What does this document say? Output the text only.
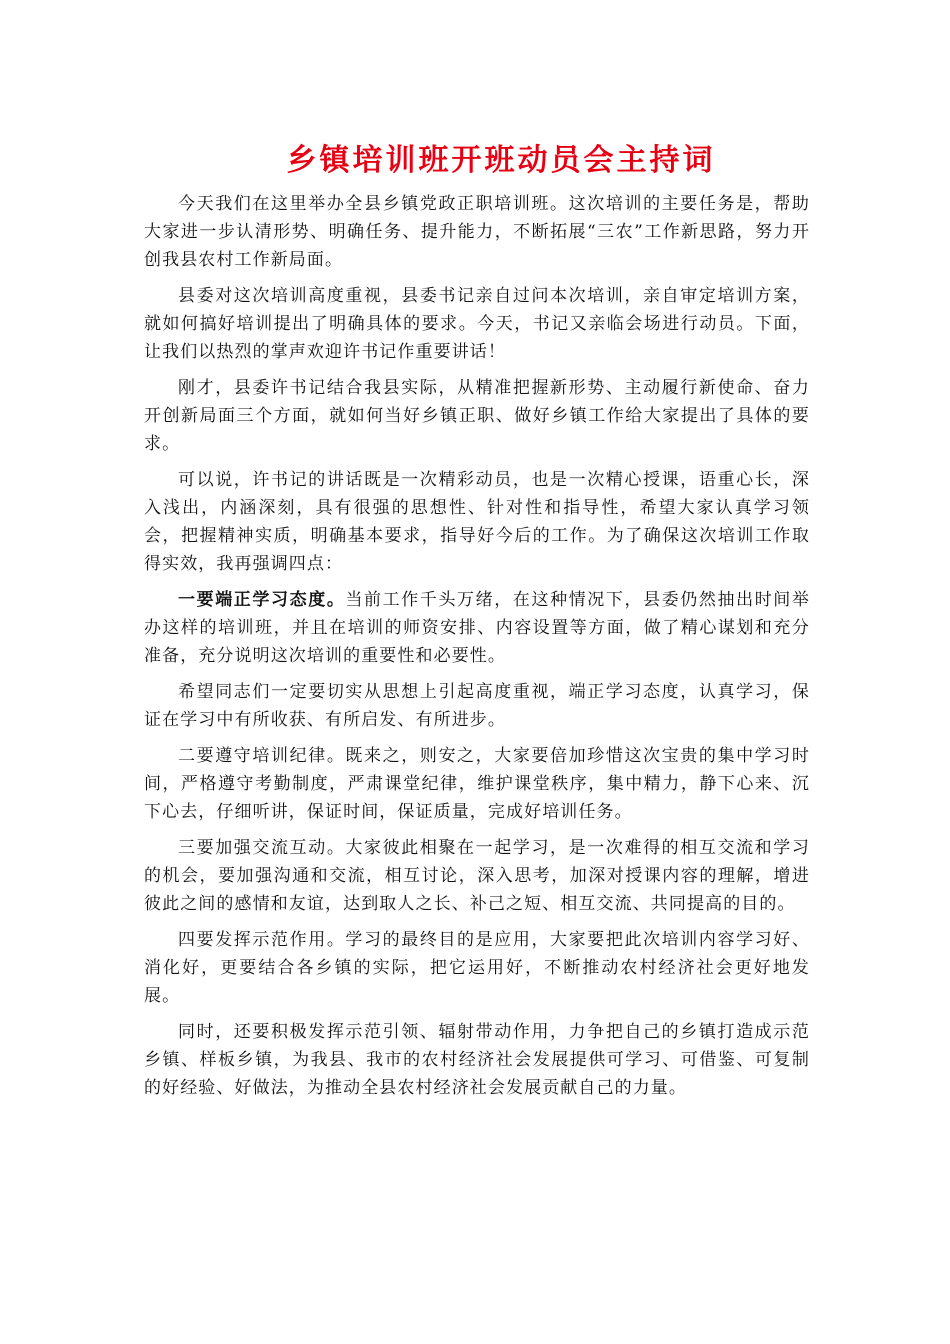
乡镇培训班开班动员会主持词

今天我们在这里举办全县乡镇党政正职培训班。这次培训的主要任务是，帮助大家进一步认清形势、明确任务、提升能力，不断拓展“三农”工作新思路，努力开创我县农村工作新局面。

县委对这次培训高度重视，县委书记亲自过问本次培训，亲自审定培训方案，就如何搞好培训提出了明确具体的要求。今天，书记又亲临会场进行动员。下面，让我们以热烈的掌声欢迎许书记作重要讲话！

刚才，县委许书记结合我县实际，从精准把握新形势、主动履行新使命、奋力开创新局面三个方面，就如何当好乡镇正职、做好乡镇工作给大家提出了具体的要求。

可以说，许书记的讲话既是一次精彩动员，也是一次精心授课，语重心长，深入浅出，内涵深刻，具有很强的思想性、针对性和指导性，希望大家认真学习领会，把握精神实质，明确基本要求，指导好今后的工作。为了确保这次培训工作取得实效，我再强调四点：

一要端正学习态度。当前工作千头万绪，在这种情况下，县委仍然抽出时间举办这样的培训班，并且在培训的师资安排、内容设置等方面，做了精心谋划和充分准备，充分说明这次培训的重要性和必要性。

希望同志们一定要切实从思想上引起高度重视，端正学习态度，认真学习，保证在学习中有所收获、有所启发、有所进步。

二要遵守培训纪律。既来之，则安之，大家要倍加珍惜这次宝贵的集中学习时间，严格遵守考勤制度，严肃课堂纪律，维护课堂秩序，集中精力，静下心来、沉下心去，仔细听讲，保证时间，保证质量，完成好培训任务。

三要加强交流互动。大家彼此相聚在一起学习，是一次难得的相互交流和学习的机会，要加强沟通和交流，相互讨论，深入思考，加深对授课内容的理解，增进彼此之间的感情和友谊，达到取人之长、补己之短、相互交流、共同提高的目的。

四要发挥示范作用。学习的最终目的是应用，大家要把此次培训内容学习好、消化好，更要结合各乡镇的实际，把它运用好，不断推动农村经济社会更好地发展。

同时，还要积极发挥示范引领、辐射带动作用，力争把自己的乡镇打造成示范乡镇、样板乡镇，为我县、我市的农村经济社会发展提供可学习、可借鉴、可复制的好经验、好做法，为推动全县农村经济社会发展贡献自己的力量。
